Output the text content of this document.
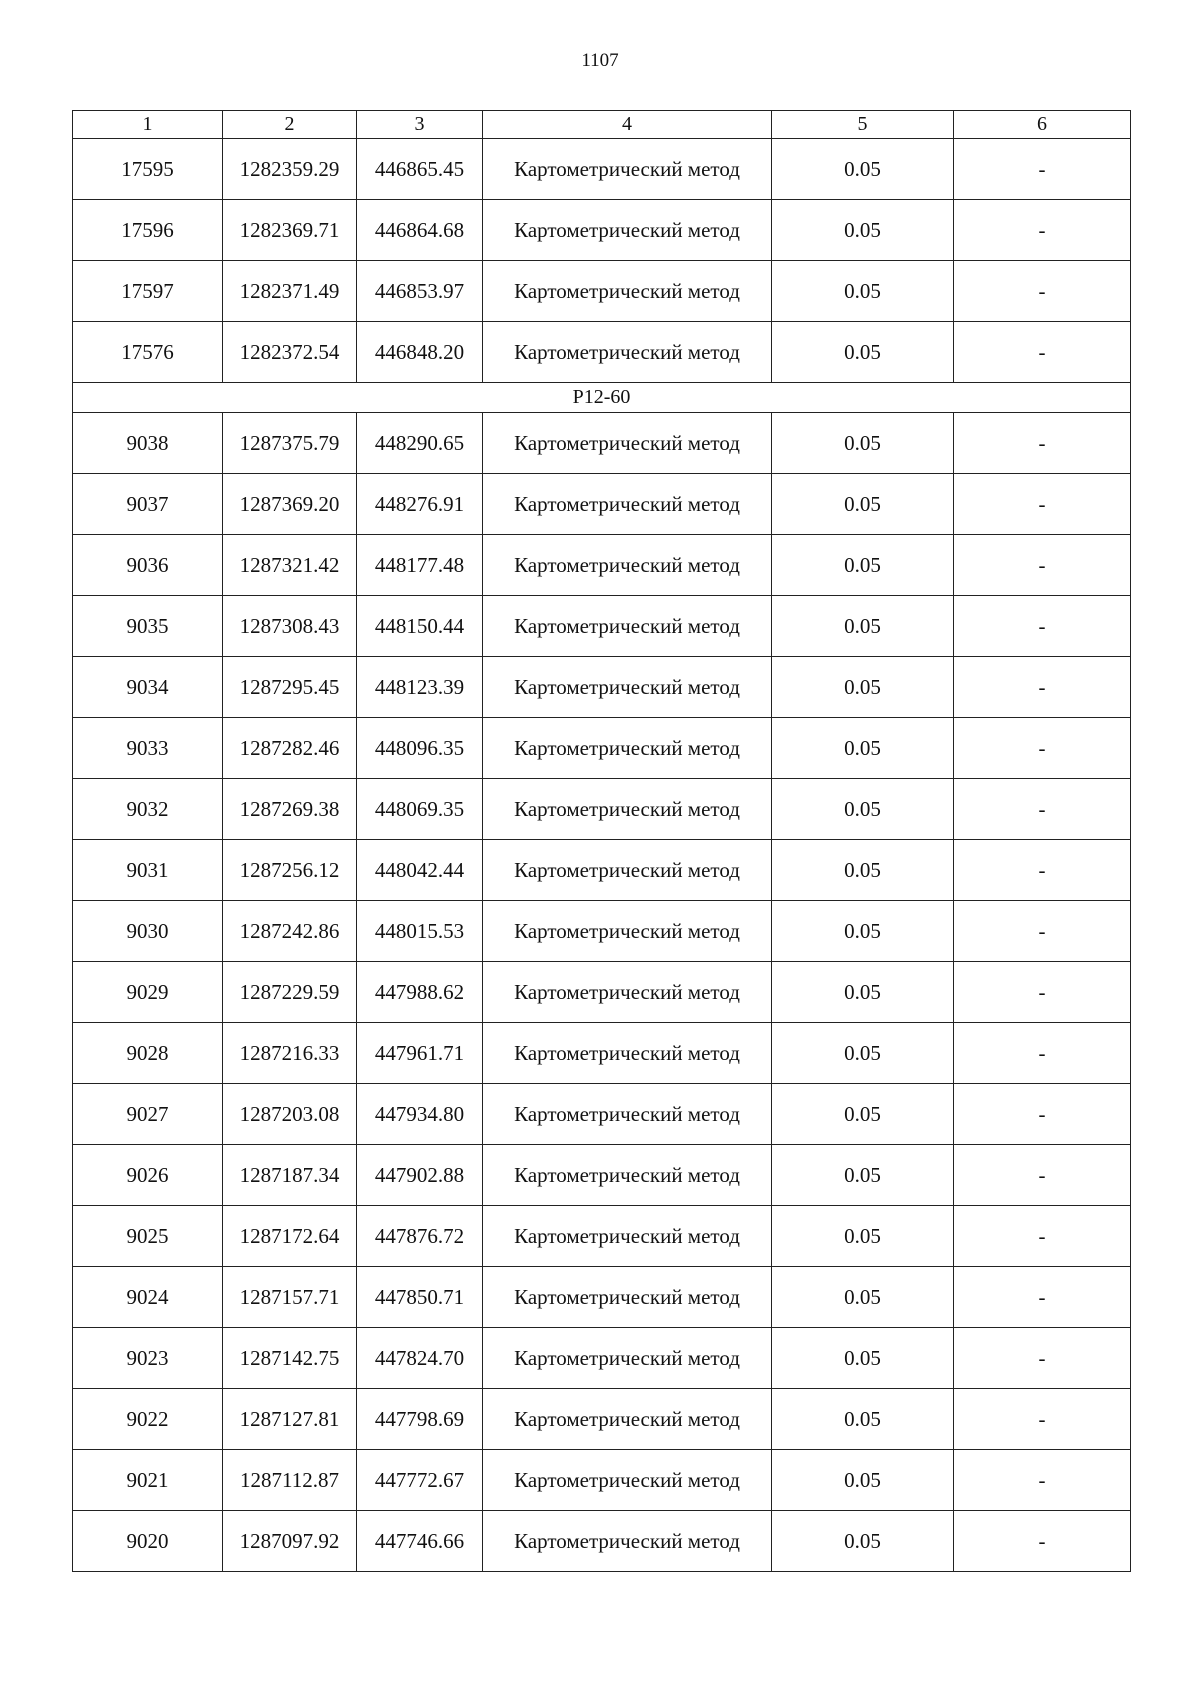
1107
1	2	3	4	5	6
17595	1282359.29	446865.45	Картометрический метод	0.05	-
17596	1282369.71	446864.68	Картометрический метод	0.05	-
17597	1282371.49	446853.97	Картометрический метод	0.05	-
17576	1282372.54	446848.20	Картометрический метод	0.05	-
Р12-60					
9038	1287375.79	448290.65	Картометрический метод	0.05	-
9037	1287369.20	448276.91	Картометрический метод	0.05	-
9036	1287321.42	448177.48	Картометрический метод	0.05	-
9035	1287308.43	448150.44	Картометрический метод	0.05	-
9034	1287295.45	448123.39	Картометрический метод	0.05	-
9033	1287282.46	448096.35	Картометрический метод	0.05	-
9032	1287269.38	448069.35	Картометрический метод	0.05	-
9031	1287256.12	448042.44	Картометрический метод	0.05	-
9030	1287242.86	448015.53	Картометрический метод	0.05	-
9029	1287229.59	447988.62	Картометрический метод	0.05	-
9028	1287216.33	447961.71	Картометрический метод	0.05	-
9027	1287203.08	447934.80	Картометрический метод	0.05	-
9026	1287187.34	447902.88	Картометрический метод	0.05	-
9025	1287172.64	447876.72	Картометрический метод	0.05	-
9024	1287157.71	447850.71	Картометрический метод	0.05	-
9023	1287142.75	447824.70	Картометрический метод	0.05	-
9022	1287127.81	447798.69	Картометрический метод	0.05	-
9021	1287112.87	447772.67	Картометрический метод	0.05	-
9020	1287097.92	447746.66	Картометрический метод	0.05	-
